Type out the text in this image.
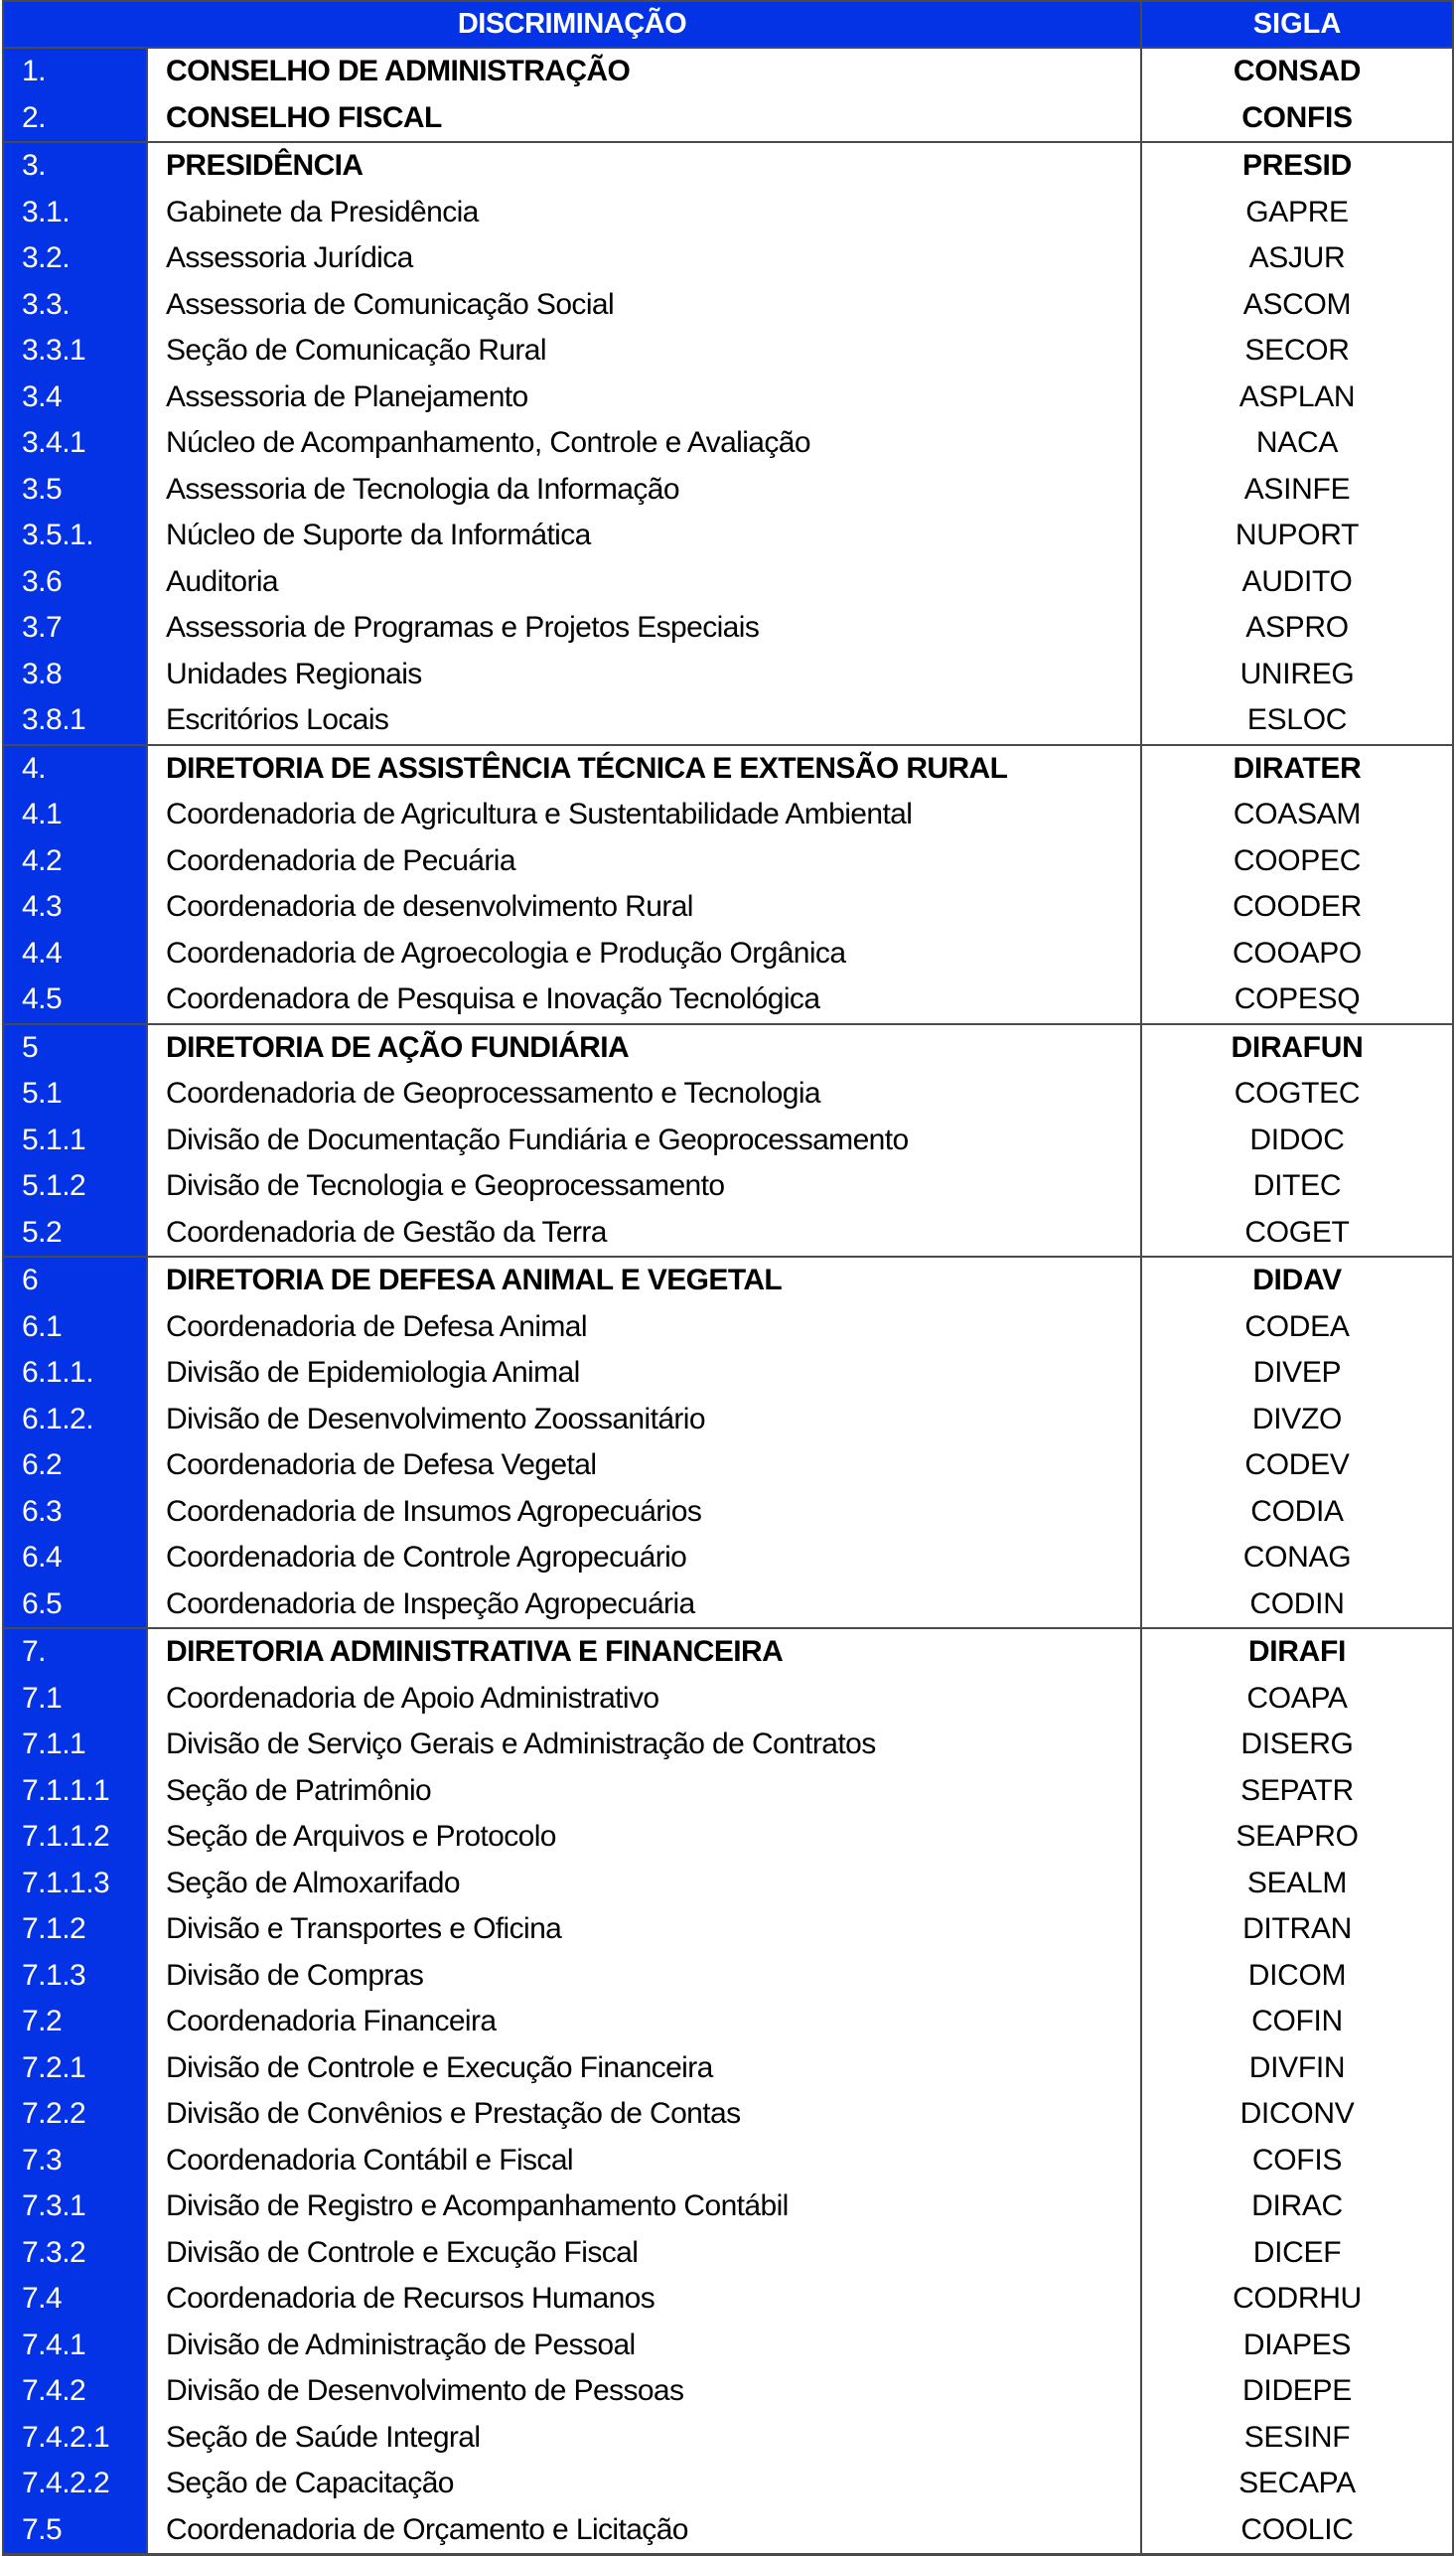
DISCRIMINAÇÃO	SIGLA
1.	CONSELHO DE ADMINISTRAÇÃO	CONSAD
2.	CONSELHO FISCAL	CONFIS
3.	PRESIDÊNCIA	PRESID
3.1.	Gabinete da Presidência	GAPRE
3.2.	Assessoria Jurídica	ASJUR
3.3.	Assessoria de Comunicação Social	ASCOM
3.3.1	Seção de Comunicação Rural	SECOR
3.4	Assessoria de Planejamento	ASPLAN
3.4.1	Núcleo de Acompanhamento, Controle e Avaliação	NACA
3.5	Assessoria de Tecnologia da Informação	ASINFE
3.5.1.	Núcleo de Suporte da Informática	NUPORT
3.6	Auditoria	AUDITO
3.7	Assessoria de Programas e Projetos Especiais	ASPRO
3.8	Unidades Regionais	UNIREG
3.8.1	Escritórios Locais	ESLOC
4.	DIRETORIA DE ASSISTÊNCIA TÉCNICA E EXTENSÃO RURAL	DIRATER
4.1	Coordenadoria de Agricultura e Sustentabilidade Ambiental	COASAM
4.2	Coordenadoria de Pecuária	COOPEC
4.3	Coordenadoria de desenvolvimento Rural	COODER
4.4	Coordenadoria de Agroecologia e Produção Orgânica	COOAPO
4.5	Coordenadora de Pesquisa e Inovação Tecnológica	COPESQ
5	DIRETORIA DE AÇÃO FUNDIÁRIA	DIRAFUN
5.1	Coordenadoria de Geoprocessamento e Tecnologia	COGTEC
5.1.1	Divisão de Documentação Fundiária e Geoprocessamento	DIDOC
5.1.2	Divisão de Tecnologia e Geoprocessamento	DITEC
5.2	Coordenadoria de Gestão da Terra	COGET
6	DIRETORIA DE DEFESA ANIMAL E VEGETAL	DIDAV
6.1	Coordenadoria de Defesa Animal	CODEA
6.1.1.	Divisão de Epidemiologia Animal	DIVEP
6.1.2.	Divisão de Desenvolvimento Zoossanitário	DIVZO
6.2	Coordenadoria de Defesa Vegetal	CODEV
6.3	Coordenadoria de Insumos Agropecuários	CODIA
6.4	Coordenadoria de Controle Agropecuário	CONAG
6.5	Coordenadoria de Inspeção Agropecuária	CODIN
7.	DIRETORIA ADMINISTRATIVA E FINANCEIRA	DIRAFI
7.1	Coordenadoria de Apoio Administrativo	COAPA
7.1.1	Divisão de Serviço Gerais e Administração de Contratos	DISERG
7.1.1.1	Seção de Patrimônio	SEPATR
7.1.1.2	Seção de Arquivos e Protocolo	SEAPRO
7.1.1.3	Seção de Almoxarifado	SEALM
7.1.2	Divisão e Transportes e Oficina	DITRAN
7.1.3	Divisão de Compras	DICOM
7.2	Coordenadoria Financeira	COFIN
7.2.1	Divisão de Controle e Execução Financeira	DIVFIN
7.2.2	Divisão de Convênios e Prestação de Contas	DICONV
7.3	Coordenadoria Contábil e Fiscal	COFIS
7.3.1	Divisão de Registro e Acompanhamento Contábil	DIRAC
7.3.2	Divisão de Controle e Excução Fiscal	DICEF
7.4	Coordenadoria de Recursos Humanos	CODRHU
7.4.1	Divisão de Administração de Pessoal	DIAPES
7.4.2	Divisão de Desenvolvimento de Pessoas	DIDEPE
7.4.2.1	Seção de Saúde Integral	SESINF
7.4.2.2	Seção de Capacitação	SECAPA
7.5	Coordenadoria de Orçamento e Licitação	COOLIC
